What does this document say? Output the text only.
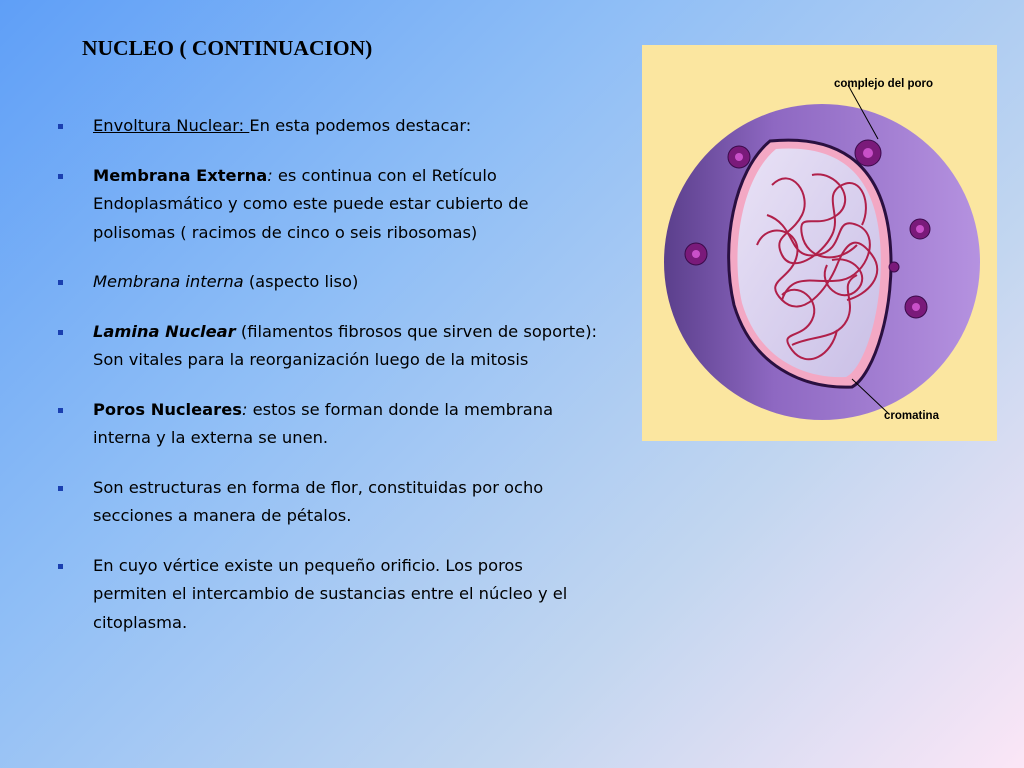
NUCLEO ( CONTINUACION)
Envoltura Nuclear: En esta podemos destacar:
Membrana Externa: es continua con el Retículo Endoplasmático y como este puede estar cubierto de polisomas ( racimos de cinco o seis ribosomas)
Membrana interna (aspecto liso)
Lamina Nuclear (filamentos fibrosos que sirven de soporte): Son vitales para la reorganización luego de la mitosis
Poros Nucleares: estos se forman donde la membrana interna y la externa se unen.
Son estructuras en forma de flor, constituidas por ocho secciones a manera de pétalos.
En cuyo vértice existe un pequeño orificio. Los poros permiten el intercambio de sustancias entre el núcleo y el citoplasma.
complejo del poro
cromatina
